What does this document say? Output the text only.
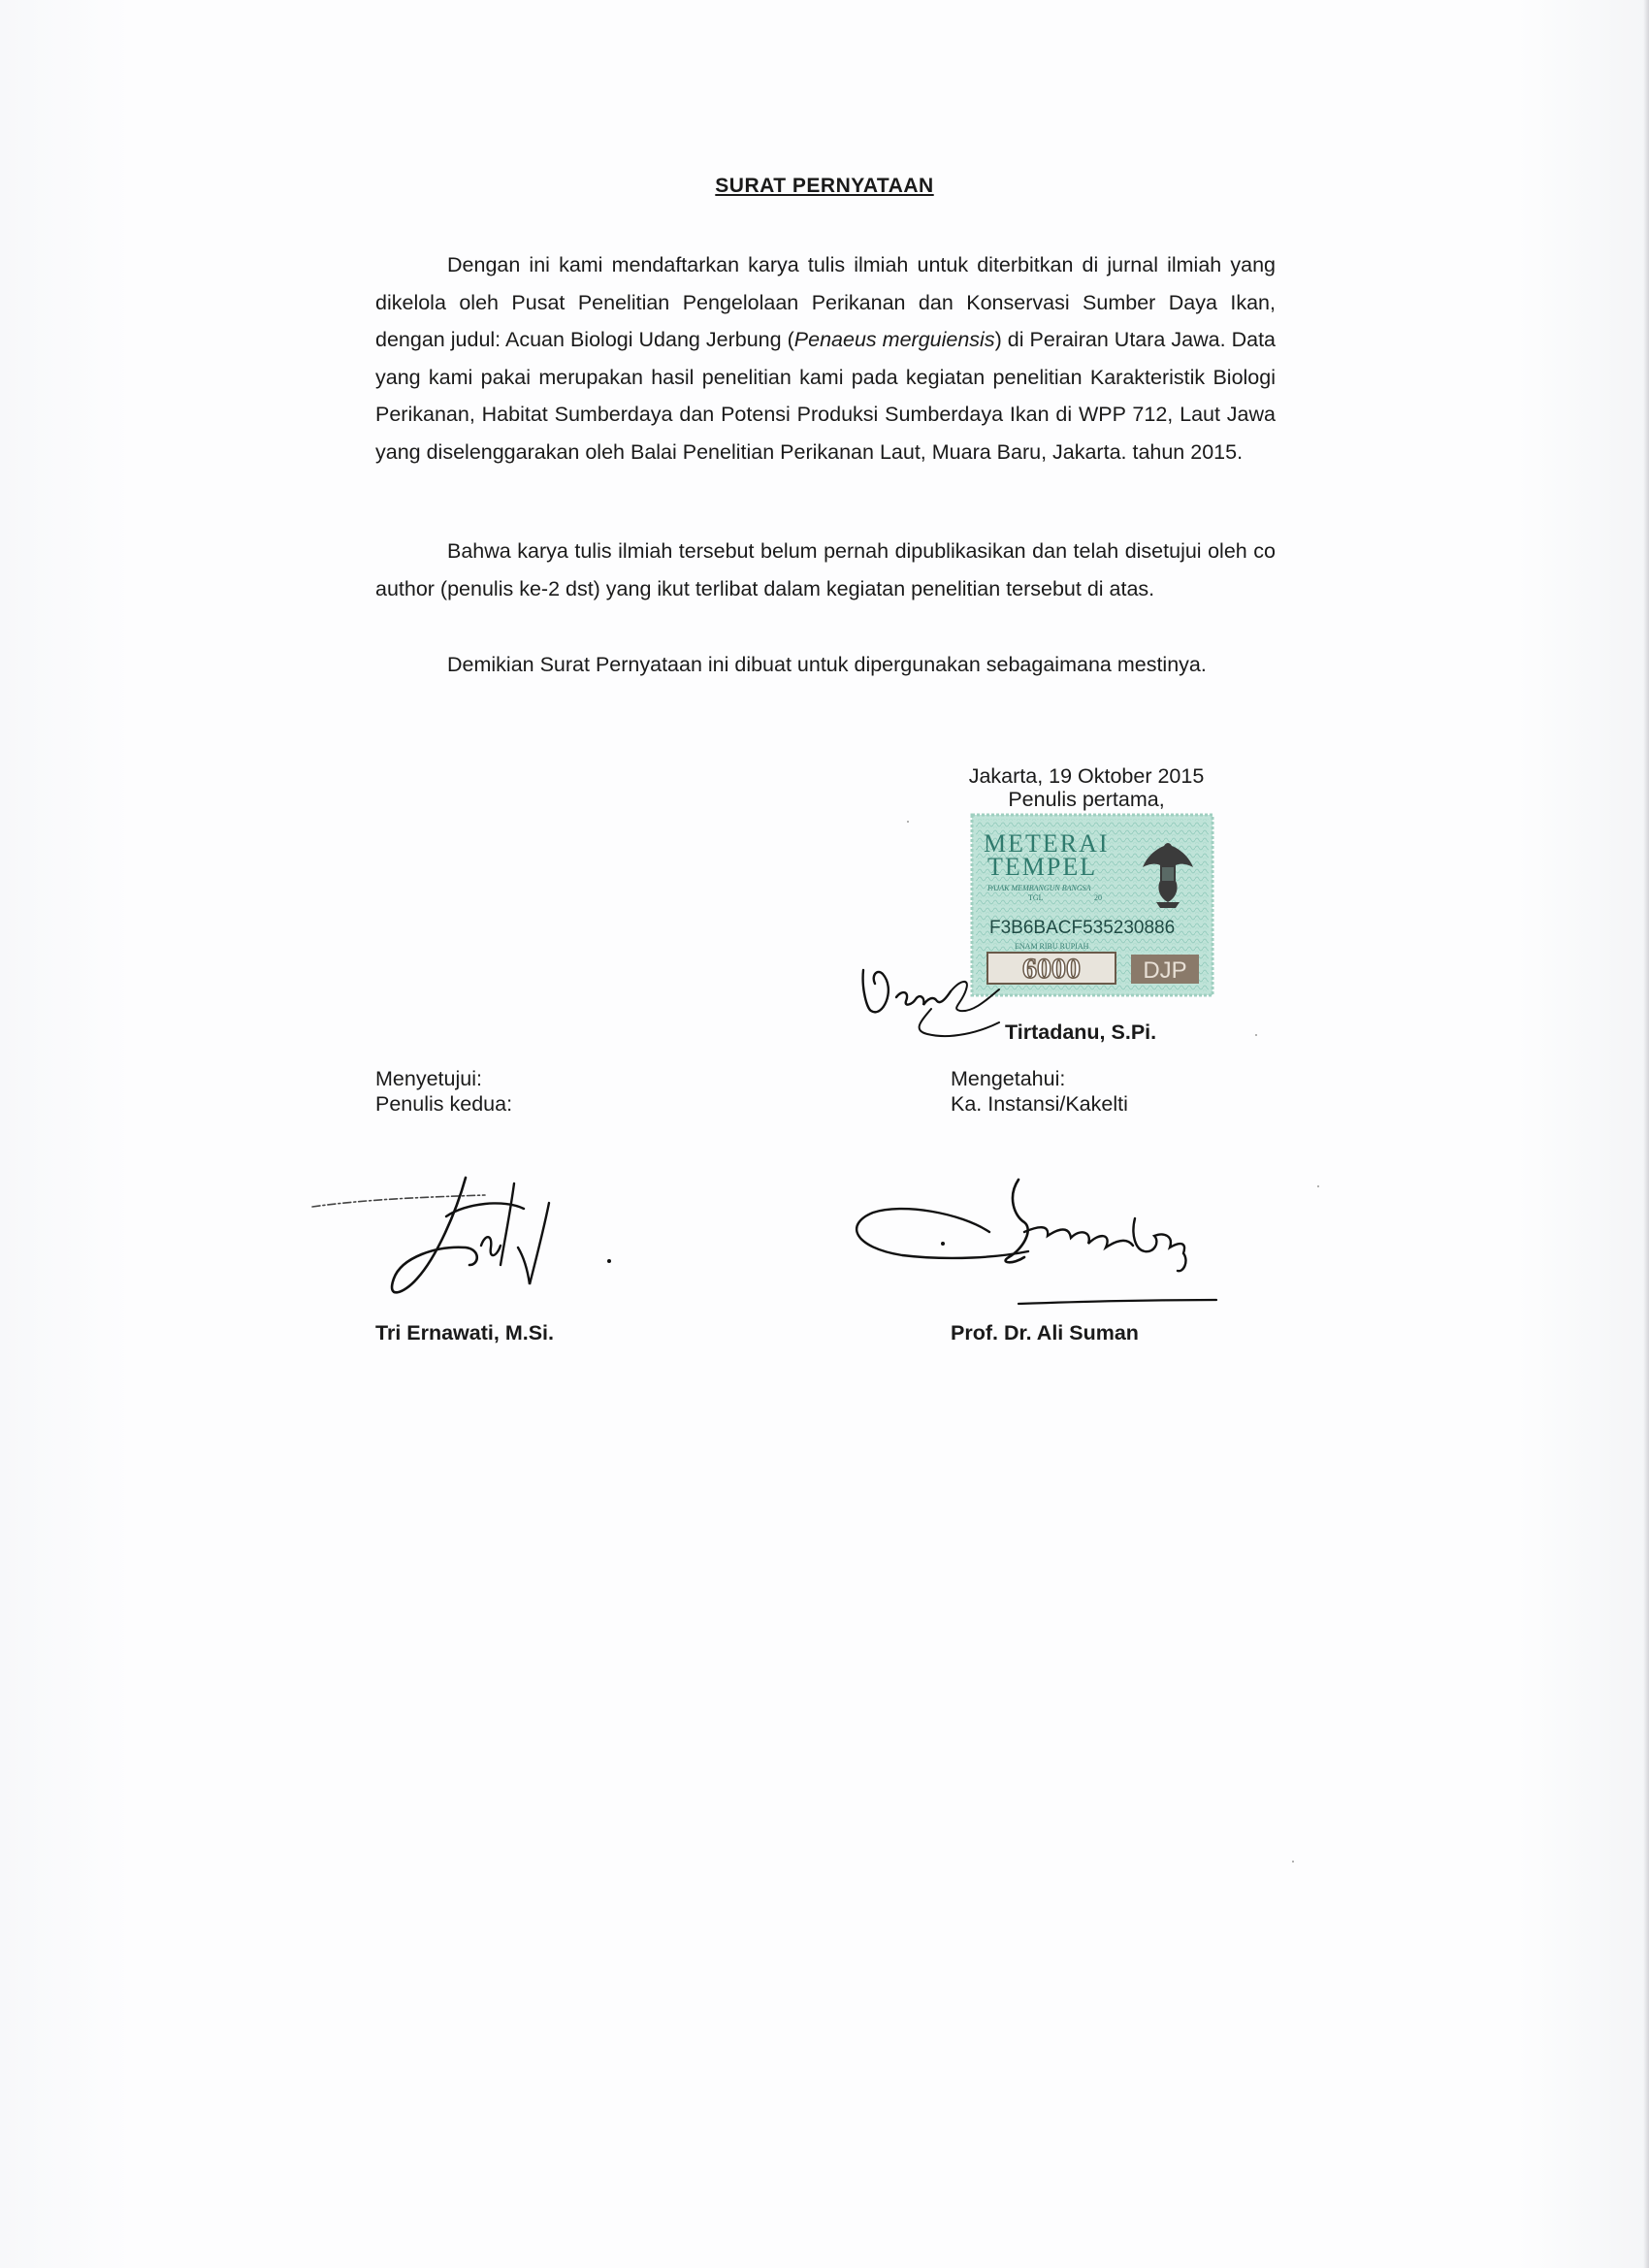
SURAT PERNYATAAN

Dengan ini kami mendaftarkan karya tulis ilmiah untuk diterbitkan di jurnal ilmiah yang dikelola oleh Pusat Penelitian Pengelolaan Perikanan dan Konservasi Sumber Daya Ikan, dengan judul: Acuan Biologi Udang Jerbung (Penaeus merguiensis) di Perairan Utara Jawa. Data yang kami pakai merupakan hasil penelitian kami pada kegiatan penelitian Karakteristik Biologi Perikanan, Habitat Sumberdaya dan Potensi Produksi Sumberdaya Ikan di WPP 712, Laut Jawa yang diselenggarakan oleh Balai Penelitian Perikanan Laut, Muara Baru, Jakarta. tahun 2015.

Bahwa karya tulis ilmiah tersebut belum pernah dipublikasikan dan telah disetujui oleh co author (penulis ke-2 dst) yang ikut terlibat dalam kegiatan penelitian tersebut di atas.

Demikian Surat Pernyataan ini dibuat untuk dipergunakan sebagaimana mestinya.

Jakarta, 19 Oktober 2015
Penulis pertama,
METERAI
TEMPEL
PAJAK MEMBANGUN BANGSA
TGL	20
F3B6BACF535230886
ENAM RIBU RUPIAH
6000	DJP
Tirtadanu, S.Pi.
Menyetujui:
Penulis kedua:
Tri Ernawati, M.Si.
Mengetahui:
Ka. Instansi/Kakelti
Prof. Dr. Ali Suman
